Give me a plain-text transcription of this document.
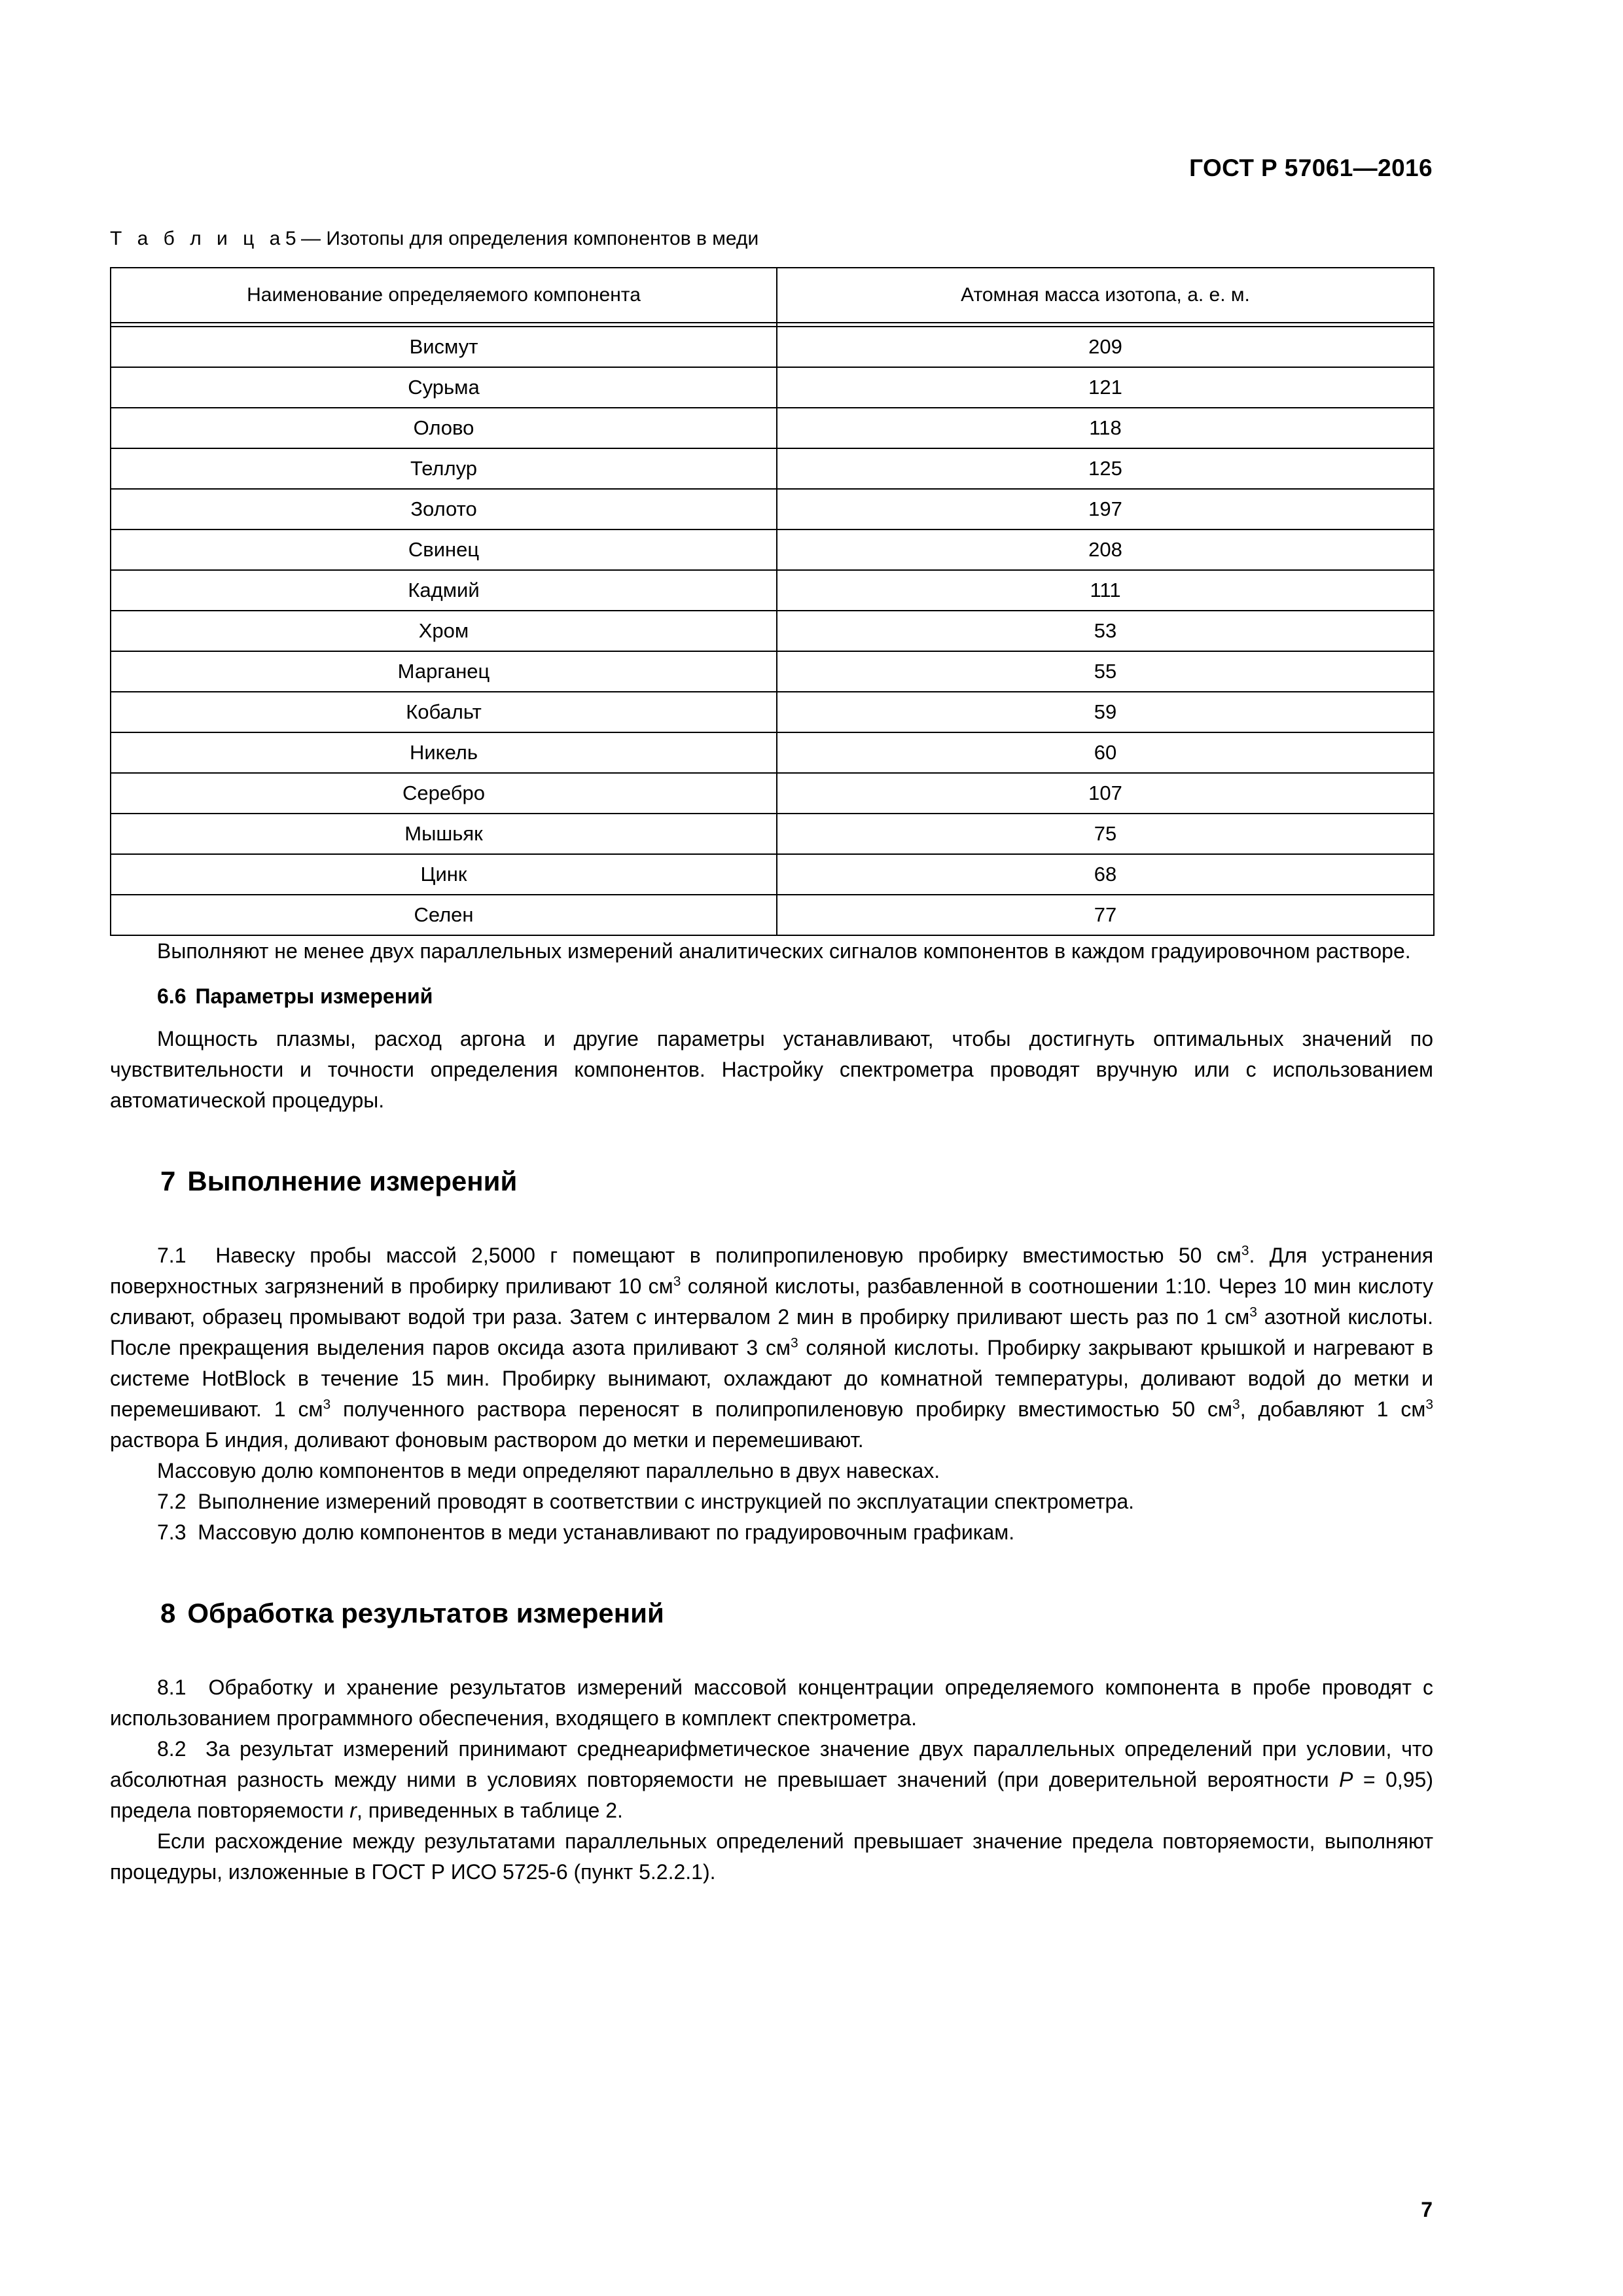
ГОСТ Р 57061—2016
Т а б л и ц а5— Изотопы для определения компонентов в меди
Наименование определяемого компонента	Атомная масса изотопа, а. е. м.

Висмут	209
Сурьма	121
Олово	118
Теллур	125
Золото	197
Свинец	208
Кадмий	111
Хром	53
Марганец	55
Кобальт	59
Никель	60
Серебро	107
Мышьяк	75
Цинк	68
Селен	77

Выполняют не менее двух параллельных измерений аналитических сигналов компонентов в каждом градуировочном растворе.

6.6 Параметры измерений

Мощность плазмы, расход аргона и другие параметры устанавливают, чтобы достигнуть оптимальных значений по чувствительности и точности определения компонентов. Настройку спектрометра проводят вручную или с использованием автоматической процедуры.

7 Выполнение измерений

7.1 Навеску пробы массой 2,5000 г помещают в полипропиленовую пробирку вместимостью 50 $см^3$. Для устранения поверхностных загрязнений в пробирку приливают 10 $см^3$ соляной кислоты, разбавленной в соотношении 1:10. Через 10 мин кислоту сливают, образец промывают водой три раза. Затем с интервалом 2 мин в пробирку приливают шесть раз по 1 $см^3$ азотной кислоты. После прекращения выделения паров оксида азота приливают 3 $см^3$ соляной кислоты. Пробирку закрывают крышкой и нагревают в системе HotBlock в течение 15 мин. Пробирку вынимают, охлаждают до комнатной температуры, доливают водой до метки и перемешивают. 1 $см^3$ полученного раствора переносят в полипропиленовую пробирку вместимостью 50 $см^3$, добавляют 1 $см^3$ раствора Б индия, доливают фоновым раствором до метки и перемешивают.

Массовую долю компонентов в меди определяют параллельно в двух навесках.

7.2 Выполнение измерений проводят в соответствии с инструкцией по эксплуатации спектрометра.

7.3 Массовую долю компонентов в меди устанавливают по градуировочным графикам.

8 Обработка результатов измерений

8.1 Обработку и хранение результатов измерений массовой концентрации определяемого компонента в пробе проводят с использованием программного обеспечения, входящего в комплект спектрометра.

8.2 За результат измерений принимают среднеарифметическое значение двух параллельных определений при условии, что абсолютная разность между ними в условиях повторяемости не превышает значений (при доверительной вероятности P = 0,95) предела повторяемости r, приведенных в таблице 2.

Если расхождение между результатами параллельных определений превышает значение предела повторяемости, выполняют процедуры, изложенные в ГОСТ Р ИСО 5725-6 (пункт 5.2.2.1).

7
